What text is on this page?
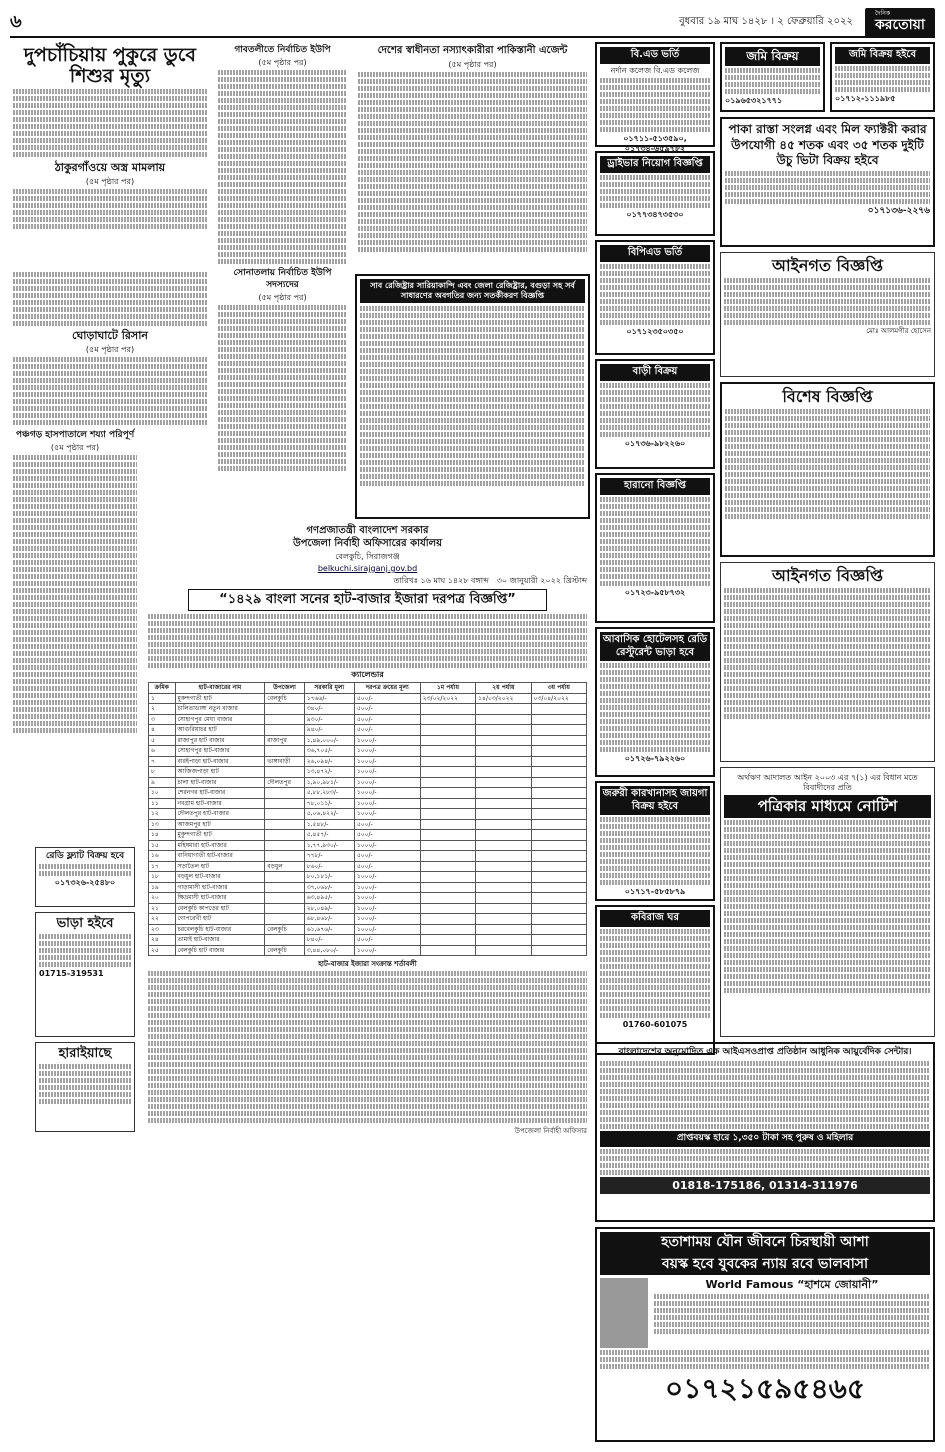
৬	বুধবার ১৯ মাঘ ১৪২৮ । ২ ফেব্রুয়ারি ২০২২
দৈনিক
করতোয়া
দুপচাঁচিয়ায় পুকুরে ডুবে শিশুর মৃত্যু
ঠাকুরগাঁওয়ে অস্ত্র মামলায়
(৫ম পৃষ্ঠার পর)
ঘোড়াঘাটে রিসান
(৫ম পৃষ্ঠার পর)
পঞ্চগড় হাসপাতালে শয্যা পরিপূর্ণ
(৫ম পৃষ্ঠার পর)
গাবতলীতে নির্বাচিত ইউপি
(৫ম পৃষ্ঠার পর)
সোনাতলায় নির্বাচিত ইউপি সদস্যদের
(৫ম পৃষ্ঠার পর)
দেশের স্বাধীনতা নস্যাৎকারীরা পাকিস্তানী এজেন্ট
(৫ম পৃষ্ঠার পর)
সাব রেজিষ্ট্রার সারিয়াকান্দি এবং জেলা রেজিষ্ট্রার, বগুড়া সহ সর্ব সাধারণের অবগতির জন্য সতর্কীকরণ বিজ্ঞপ্তি
গণপ্রজাতন্ত্রী বাংলাদেশ সরকার
উপজেলা নির্বাহী অফিসারের কার্যালয়
বেলকুচি, সিরাজগঞ্জ
belkuchi.sirajganj.gov.bd
তারিখঃ ১৬ মাঘ ১৪২৮ বঙ্গাব্দ ৩০ জানুয়ারী ২০২২ খ্রিস্টাব্দ
“১৪২৯ বাংলা সনের হাট-বাজার ইজারা দরপত্র বিজ্ঞপ্তি”
ক্যালেন্ডার
ক্রমিক	হাট-বাজারের নাম	উপজেলা	সরকারি মূল্য	দরপত্র ক্রয়ের মূল্য	১ম পর্যায়	২য় পর্যায়	৩য় পর্যায়
১	মুকন্দগাতী হাট	বেলকুচি	১৭৬৬/-	৫০০/-	২৩/০২/২০২২	১৪/০৩/২০২২	০৩/০৪/২০২২
২	চালিতাডাঙ্গা নতুন বাজার		৩৪০/-	৫০০/-			
৩	সোহাগপুর মেঘা বাজার		৯৩০/-	৫০০/-			
৪	আগুরিয়াচর হাট		৯৪০/-	৫০০/-			
৫	রাজাপুর হাট বাজার	রাজাপুর	১,৪৯,০০০/-	১০০০/-			
৬	সোহাগপুর হাট-বাজার		৩৬,৭০৫/-	১০০০/-			
৭	বারইপাড়া হাট-বাজার	ভাঙ্গাবাড়ী	২৬,০৯৪/-	১০০০/-			
৮	আজিজপাড়া হাট		১৩,৪৭২/-	১০০০/-			
৯	চালা হাট-বাজার	দৌলতপুর	১,৯০,৯৮১/-	১০০০/-			
১০	শেরনগর হাট-বাজার		৫,৮৮,২৮৩/-	১০০০/-			
১১	নবগ্রাম হাট-বাজার		৭৮,০১১/-	১০০০/-			
১২	দৌলতপুর হাট-বাজার		৫,০৬,৪২২/-	১০০০/-			
১৩	আজমপুর হাট		১,৫৪৮/-	৫০০/-			
১৪	মুকুন্দগাতী হাট		৫,৪৫৭/-	৫০০/-			
১৫	মহিষমারা হাট-বাজার		১,৭৭,৯৩০/-	১০০০/-			
১৬	বানিয়াগাতী হাট-বাজার		৭৭৮/-	৫০০/-			
১৭	সড়াতৈল হাট	বড়ধুল	৮৬০/-	৫০০/-			
১৮	বড়ধুল হাট-বাজার		৮০,১৮১/-	১০০০/-			
১৯	গাড়ামাসী হাট-বাজার		৩৭,০৬৮/-	১০০০/-			
২০	ক্ষিদ্রমাসী হাট-বাজার		৬৩,৪৯৫/-	১০০০/-			
২১	বেলকুচি কাপড়ের হাট		২৮,০৪৯/-	১০০০/-			
২২	গোপরেখী হাট		৬৮,৪৬৮/-	১০০০/-			
২৩	চরবেলকুচি হাট-বাজার	বেলকুচি	৬১,৬৭৬/-	১০০০/-			
২৪	তামাই হাট-বাজার		৮৪০/-	৫০০/-			
২৫	বেলকুচি হাট বাজার	বেলকুচি	৩,৪৪,০৮০/-	১০০০/-			
হাট-বাজার ইজারা সংক্রান্ত শর্তাবলী
উপজেলা নির্বাহী অফিসার
রেডি ফ্ল্যাট বিক্রয় হবে
০১৭৩২৬-২৫৪৮০
ভাড়া হইবে
01715-319531
হারাইয়াছে
বি.এড ভর্তি
নর্দান কলেজ বি.এড কলেজ
০১৭১১-৫১৩৫৯০, ০১৭৩৪-৬৫৯৭৮২
ড্রাইভার নিয়োগ বিজ্ঞপ্তি
০১৭৭৩৪৭৩৫৩০
বিপিএড ভর্তি
০১৭১২৩৫০৩৫০
বাড়ী বিক্রয়
০১৭৩৬-৯৮২২৬০
হারানো বিজ্ঞপ্তি
০১৭২৩-৯৫৮৭৩২
আবাসিক হোটেলসহ রেডি রেস্টুরেন্ট ভাড়া হবে
০১৭২৬-৭৯২২৬০
জরুরী কারখানাসহ জায়গা বিক্রয় হইবে
০১৭১৭-৫৮৫৮৭৯
কবিরাজ ঘর
01760-601075
জমি বিক্রয়
০১৯৬৫৩২১৭৭১
জমি বিক্রয় হইবে
০১৭১২-১১১৯৮৫
পাকা রাস্তা সংলগ্ন এবং মিল ফ্যাক্টরী করার উপযোগী ৪৫ শতক এবং ৩৫ শতক দুইটি উচু ভিটা বিক্রয় হইবে
০১৭১৩৬-২২৭৬
আইনগত বিজ্ঞপ্তি
মোঃ আলমগীর হোসেন
বিশেষ বিজ্ঞপ্তি
আইনগত বিজ্ঞপ্তি
অর্থঋণ আদালত আইন ২০০৩ এর ৭(১) এর বিধান মতে বিবাদীদের প্রতি
পত্রিকার মাধ্যমে নোটিশ
বাংলাদেশের অনুমোদিত এক আইএসওপ্রাপ্ত প্রতিষ্ঠান আধুনিক আয়ুর্বেদিক সেন্টার।
প্রাপ্তবয়স্ক হারে ১,৩৫০ টাকা সহ পুরুষ ও মহিলার
01818-175186, 01314-311976
হতাশাময় যৌন জীবনে চিরস্থায়ী আশা
বয়স্ক হবে যুবকের ন্যায় রবে ভালবাসা
World Famous “হাশমে জোয়ানী”
০১৭২১৫৯৫৪৬৫
